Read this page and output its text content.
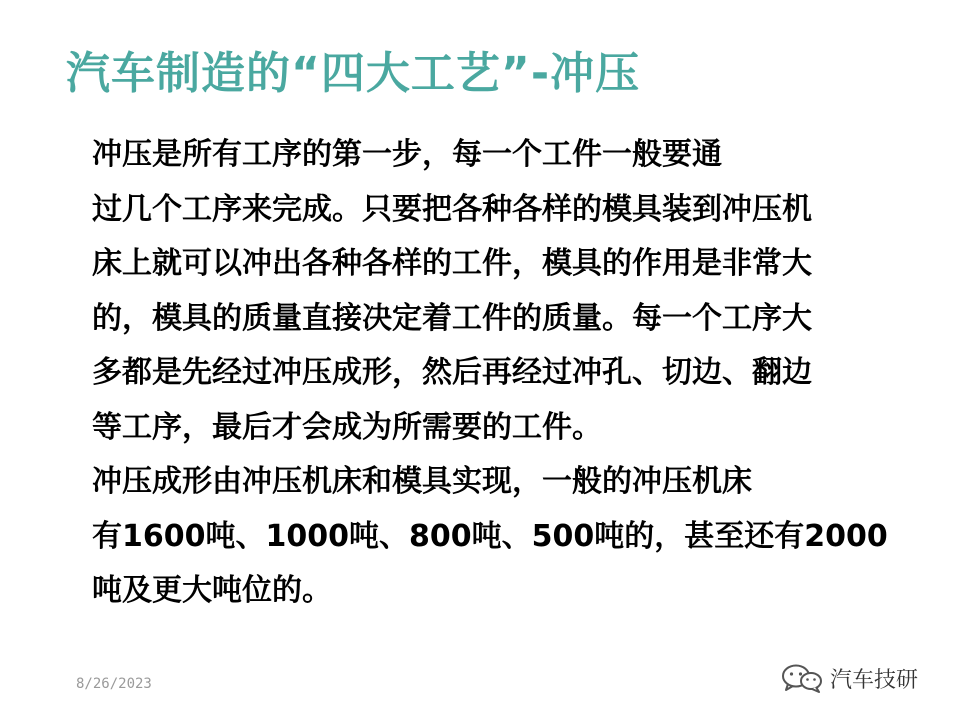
汽车制造的“四大工艺”-冲压
冲压是所有工序的第一步，每一个工件一般要通
过几个工序来完成。只要把各种各样的模具装到冲压机
床上就可以冲出各种各样的工件，模具的作用是非常大
的，模具的质量直接决定着工件的质量。每一个工序大
多都是先经过冲压成形，然后再经过冲孔、切边、翻边
等工序，最后才会成为所需要的工件。
冲压成形由冲压机床和模具实现，一般的冲压机床
有1600吨、1000吨、800吨、500吨的，甚至还有2000
吨及更大吨位的。
8/26/2023	汽车技研
